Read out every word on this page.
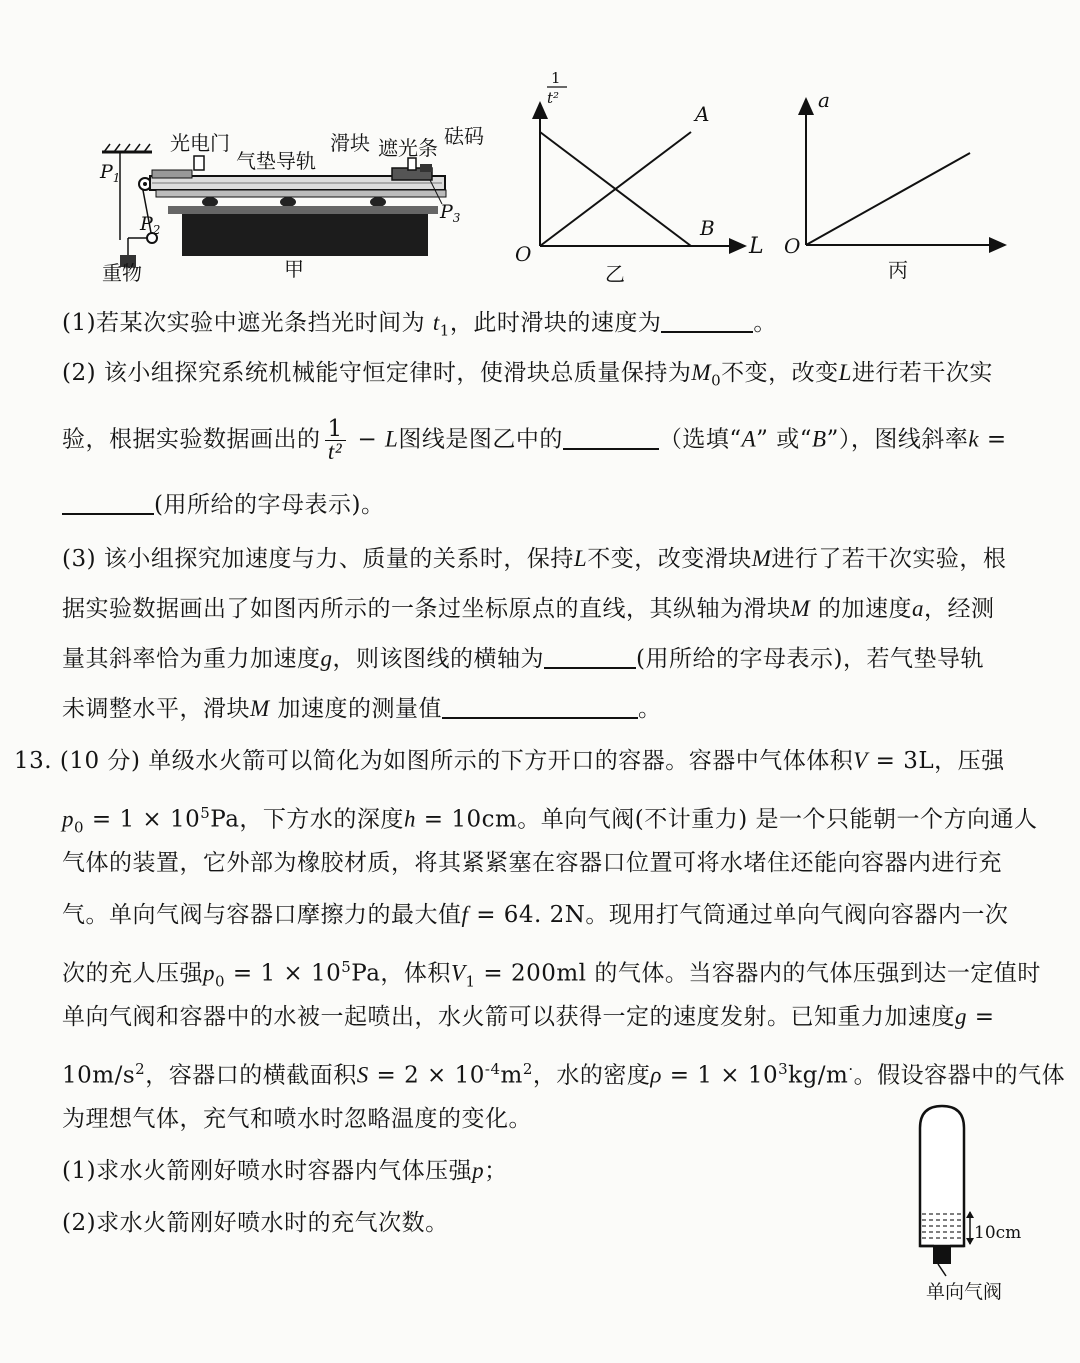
光电门
气垫导轨
滑块 遮光条 砝码
$P_1$
$P_2$
$P_3$
重物	甲
1
t²
L
O
A
B
乙
a
O
丙
(1)若某次实验中遮光条挡光时间为 $t_1$，此时滑块的速度为	。
(2) 该小组探究系统机械能守恒定律时，使滑块总质量保持为$M_0$不变，改变L进行若干次实
验，根据实验数据画出的 $\frac{1}{\text{t²}} - L$图线是图乙中的	（选填“A” 或“B”），图线斜率k =
(用所给的字母表示)。
(3) 该小组探究加速度与力、质量的关系时，保持L不变，改变滑块M进行了若干次实验，根
据实验数据画出了如图丙所示的一条过坐标原点的直线，其纵轴为滑块M 的加速度a，经测
量其斜率恰为重力加速度g，则该图线的横轴为	(用所给的字母表示)，若气垫导轨
未调整水平，滑块M 加速度的测量值	。
13. (10 分) 单级水火箭可以简化为如图所示的下方开口的容器。容器中气体体积V = 3L，压强
$p_0 = 1 \times 10^5Pa$，下方水的深度h = 10cm。单向气阀(不计重力) 是一个只能朝一个方向通人
气体的装置，它外部为橡胶材质，将其紧紧塞在容器口位置可将水堵住还能向容器内进行充
气。单向气阀与容器口摩擦力的最大值f = 64. 2N。现用打气筒通过单向气阀向容器内一次
次的充人压强$p_0 = 1 \times 10^5Pa$，体积$V_1 = 200ml$ 的气体。当容器内的气体压强到达一定值时
单向气阀和容器中的水被一起喷出，水火箭可以获得一定的速度发射。已知重力加速度g =
$10m/s^2$，容器口的横截面积$S = 2 \times 10^{-4}m^2$，水的密度$\rho = 1 \times 10^3kg/m^\cdot$。假设容器中的气体
为理想气体，充气和喷水时忽略温度的变化。
(1)求水火箭刚好喷水时容器内气体压强p；
(2)求水火箭刚好喷水时的充气次数。	10cm
单向气阀
